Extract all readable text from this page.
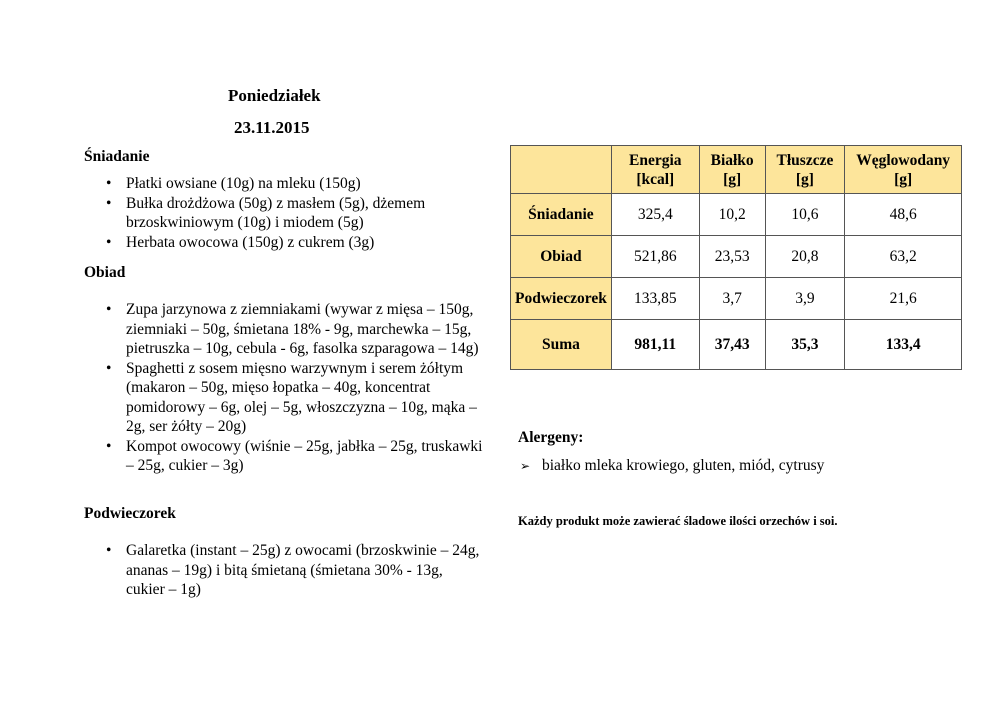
Poniedziałek
23.11.2015

Śniadanie

• Płatki owsiane (10g) na mleku (150g)
• Bułka drożdżowa (50g) z masłem (5g), dżemem brzoskwiniowym (10g) i miodem (5g)
• Herbata owocowa (150g) z cukrem (3g)

Obiad

• Zupa jarzynowa z ziemniakami (wywar z mięsa – 150g, ziemniaki – 50g, śmietana 18% - 9g, marchewka – 15g, pietruszka – 10g, cebula - 6g, fasolka szparagowa – 14g)
• Spaghetti z sosem mięsno warzywnym i serem żółtym (makaron – 50g, mięso łopatka – 40g, koncentrat pomidorowy – 6g, olej – 5g, włoszczyzna – 10g, mąka – 2g, ser żółty – 20g)
• Kompot owocowy (wiśnie – 25g, jabłka – 25g, truskawki – 25g, cukier – 3g)

Podwieczorek

• Galaretka (instant – 25g) z owocami (brzoskwinie – 24g, ananas – 19g) i bitą śmietaną (śmietana 30% - 13g, cukier – 1g)
	Energia [kcal]	Białko [g]	Tłuszcze [g]	Węglowodany [g]
Śniadanie	325,4	10,2	10,6	48,6
Obiad	521,86	23,53	20,8	63,2
Podwieczorek	133,85	3,7	3,9	21,6
Suma	981,11	37,43	35,3	133,4
Alergeny:
➢ białko mleka krowiego, gluten, miód, cytrusy
Każdy produkt może zawierać śladowe ilości orzechów i soi.
